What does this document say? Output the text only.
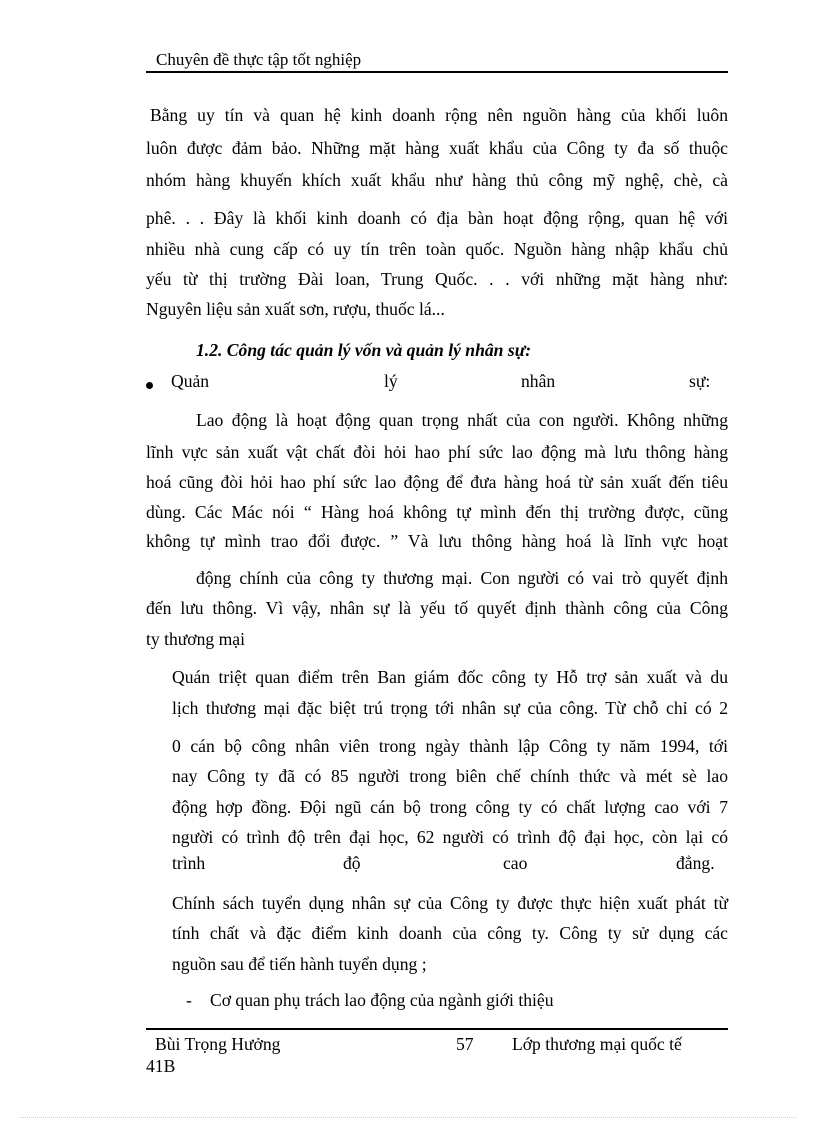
Chuyên đề thực tập tốt nghiệp
Bằng uy tín và quan hệ kinh doanh rộng nên nguồn hàng của khối luôn
luôn được đảm bảo. Những mặt hàng xuất khẩu của Công ty đa số thuộc
nhóm hàng khuyến khích xuất khẩu như hàng thủ công mỹ nghệ, chè, cà
phê. . . Đây là khối kinh doanh có địa bàn hoạt động rộng, quan hệ với
nhiều nhà cung cấp có uy tín trên toàn quốc. Nguồn hàng nhập khẩu chủ
yếu từ thị trường Đài loan, Trung Quốc. . . với những mặt hàng như:
Nguyên liệu sản xuất sơn, rượu, thuốc lá...
1.2. Công tác quản lý vốn và quản lý nhân sự:
Quản	lý	nhân	sự:
Lao động là hoạt động quan trọng nhất của con người. Không những
lĩnh vực sản xuất vật chất đòi hỏi hao phí sức lao động mà lưu thông hàng
hoá cũng đòi hỏi hao phí sức lao động để đưa hàng hoá từ sản xuất đến tiêu
dùng. Các Mác nói “ Hàng hoá không tự mình đến thị trường được, cũng
không tự mình trao đổi được. ” Và lưu thông hàng hoá là lĩnh vực hoạt
động chính của công ty thương mại. Con người có vai trò quyết định
đến lưu thông. Vì vậy, nhân sự là yếu tố quyết định thành công của Công
ty thương mại
Quán triệt quan điểm trên Ban giám đốc công ty Hỗ trợ sản xuất và du
lịch thương mại đặc biệt trú trọng tới nhân sự của công. Từ chỗ chỉ có 2
0 cán bộ công nhân viên trong ngày thành lập Công ty năm 1994, tới
nay Công ty đã có 85 người trong biên chế chính thức và mét sè lao
động hợp đồng. Đội ngũ cán bộ trong công ty có chất lượng cao với 7
người có trình độ trên đại học, 62 người có trình độ đại học, còn lại có
trình	độ	cao	đẳng.
Chính sách tuyển dụng nhân sự của Công ty được thực hiện xuất phát từ
tính chất và đặc điểm kinh doanh của công ty. Công ty sử dụng các
nguồn sau để tiến hành tuyển dụng ;
- Cơ quan phụ trách lao động của ngành giới thiệu
Bùi Trọng Hưởng	57 Lớp thương mại quốc tế
41B
